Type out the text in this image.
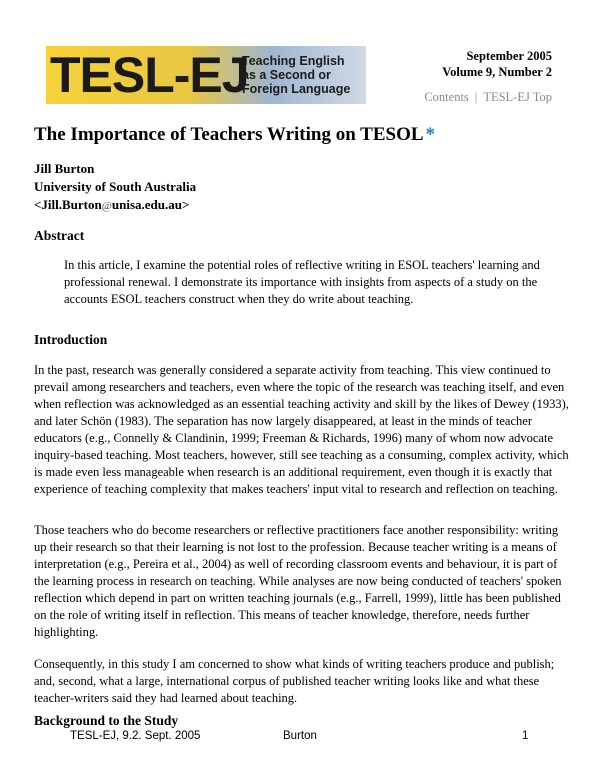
TESL-EJ
Teaching English
as a Second or
Foreign Language
September 2005
Volume 9, Number 2
Contents | TESL-EJ Top
The Importance of Teachers Writing on TESOL *
Jill Burton
University of South Australia
<Jill.Burton@unisa.edu.au>
Abstract
In this article, I examine the potential roles of reflective writing in ESOL teachers' learning and professional renewal. I demonstrate its importance with insights from aspects of a study on the accounts ESOL teachers construct when they do write about teaching.
Introduction
In the past, research was generally considered a separate activity from teaching. This view continued to prevail among researchers and teachers, even where the topic of the research was teaching itself, and even when reflection was acknowledged as an essential teaching activity and skill by the likes of Dewey (1933), and later Schön (1983). The separation has now largely disappeared, at least in the minds of teacher educators (e.g., Connelly & Clandinin, 1999; Freeman & Richards, 1996) many of whom now advocate inquiry-based teaching. Most teachers, however, still see teaching as a consuming, complex activity, which is made even less manageable when research is an additional requirement, even though it is exactly that experience of teaching complexity that makes teachers' input vital to research and reflection on teaching.
Those teachers who do become researchers or reflective practitioners face another responsibility: writing up their research so that their learning is not lost to the profession. Because teacher writing is a means of interpretation (e.g., Pereira et al., 2004) as well of recording classroom events and behaviour, it is part of the learning process in research on teaching. While analyses are now being conducted of teachers' spoken reflection which depend in part on written teaching journals (e.g., Farrell, 1999), little has been published on the role of writing itself in reflection. This means of teacher knowledge, therefore, needs further highlighting.
Consequently, in this study I am concerned to show what kinds of writing teachers produce and publish; and, second, what a large, international corpus of published teacher writing looks like and what these teacher-writers said they had learned about teaching.
Background to the Study
TESL-EJ, 9.2. Sept. 2005	Burton	1
